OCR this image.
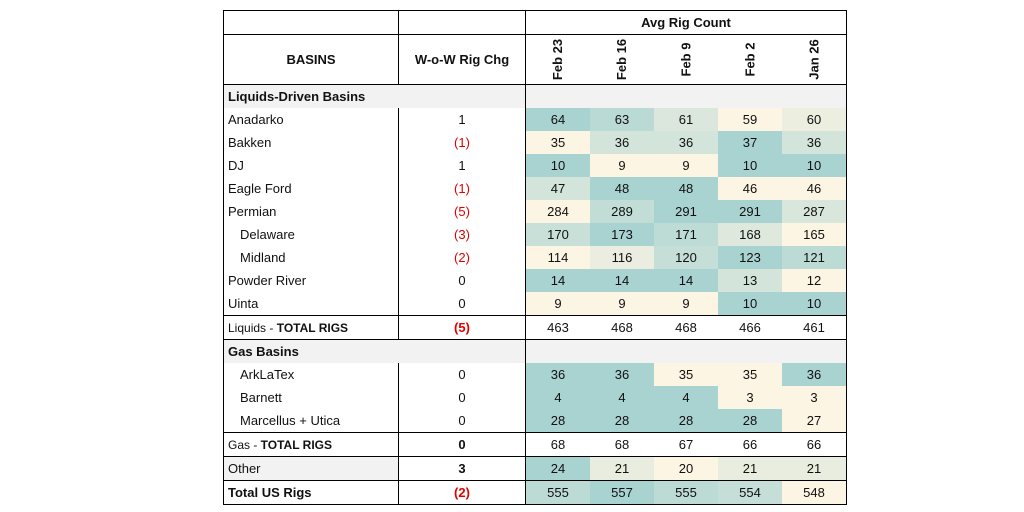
		Avg Rig Count				
BASINS	W-o-W Rig Chg	Feb 23	Feb 16	Feb 9	Feb 2	Jan 26
Liquids-Driven Basins						
Anadarko	1	64	63	61	59	60
Bakken	(1)	35	36	36	37	36
DJ	1	10	9	9	10	10
Eagle Ford	(1)	47	48	48	46	46
Permian	(5)	284	289	291	291	287
Delaware	(3)	170	173	171	168	165
Midland	(2)	114	116	120	123	121
Powder River	0	14	14	14	13	12
Uinta	0	9	9	9	10	10
Liquids - TOTAL RIGS	(5)	463	468	468	466	461
Gas Basins						
ArkLaTex	0	36	36	35	35	36
Barnett	0	4	4	4	3	3
Marcellus + Utica	0	28	28	28	28	27
Gas - TOTAL RIGS	0	68	68	67	66	66
Other	3	24	21	20	21	21
Total US Rigs	(2)	555	557	555	554	548
